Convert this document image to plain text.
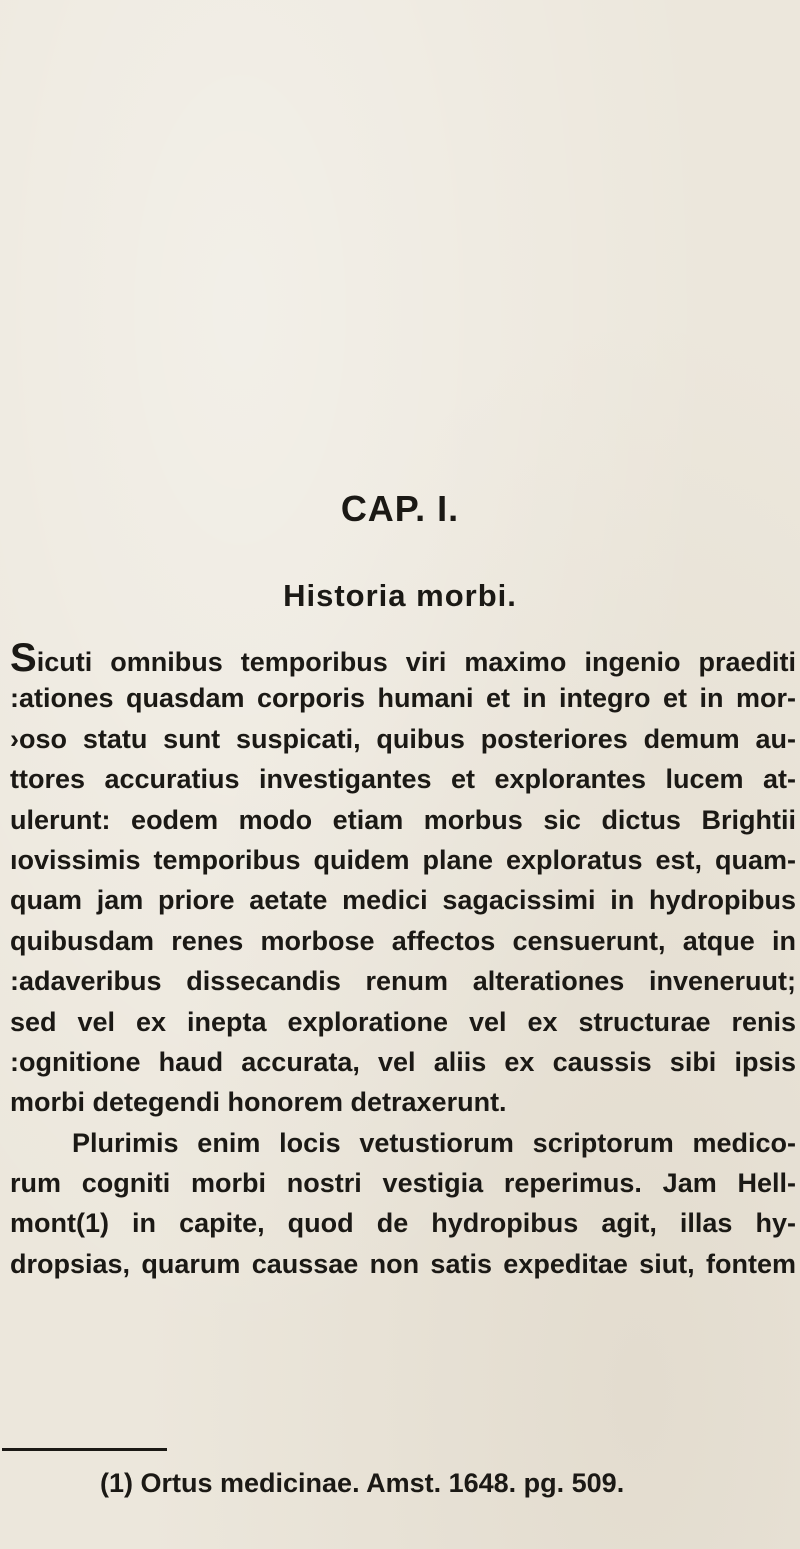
CAP. I.
Historia morbi.
Sicuti omnibus temporibus viri maximo ingenio praediti
:ationes quasdam corporis humani et in integro et in mor-
›oso statu sunt suspicati, quibus posteriores demum au-
ttores accuratius investigantes et explorantes lucem at-
ulerunt: eodem modo etiam morbus sic dictus Brightii
ıovissimis temporibus quidem plane exploratus est, quam-
quam jam priore aetate medici sagacissimi in hydropibus
quibusdam renes morbose affectos censuerunt, atque in
:adaveribus dissecandis renum alterationes inveneruut;
sed vel ex inepta exploratione vel ex structurae renis
:ognitione haud accurata, vel aliis ex caussis sibi ipsis
morbi detegendi honorem detraxerunt.
Plurimis enim locis vetustiorum scriptorum medico-
rum cogniti morbi nostri vestigia reperimus. Jam Hell-
mont(1) in capite, quod de hydropibus agit, illas hy-
dropsias, quarum caussae non satis expeditae siut, fontem
(1) Ortus medicinae. Amst. 1648. pg. 509.
